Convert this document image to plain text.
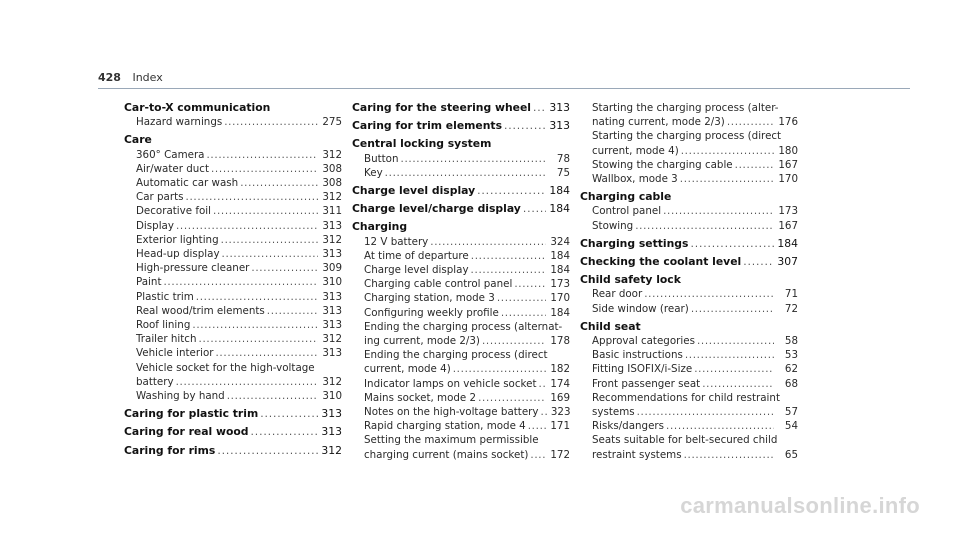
428 Index
Car-to-X communication
Hazard warnings . . .	275
Care
360° Camera . . .	312
Air/water duct . . .	308
Automatic car wash . . .	308
Car parts . . .	312
Decorative foil . . .	311
Display . . .	313
Exterior lighting . . .	312
Head-up display . . .	313
High-pressure cleaner . . .	309
Paint . . .	310
Plastic trim . . .	313
Real wood/trim elements . . .	313
Roof lining . . .	313
Trailer hitch . . .	312
Vehicle interior . . .	313
Vehicle socket for the high-voltage
battery . . .	312
Washing by hand . . .	310
Caring for plastic trim . . .	313
Caring for real wood . . .	313
Caring for rims . . .	312
Caring for the steering wheel . . . 313
Caring for trim elements . . .	313
Central locking system
Button . . .	78
Key . . .	75
Charge level display . . .	184
Charge level/charge display . . .	184
Charging
12 V battery . . .	324
At time of departure . . .	184
Charge level display . . .	184
Charging cable control panel . . .	173
Charging station, mode 3 . . .	170
Configuring weekly profile . . .	184
Ending the charging process (alternat-
ing current, mode 2/3) . . .	178
Ending the charging process (direct
current, mode 4) . . .	182
Indicator lamps on vehicle socket . . . 174
Mains socket, mode 2 . . .	169
Notes on the high-voltage battery . . . 323
Rapid charging station, mode 4 . . . 171
Setting the maximum permissible
charging current (mains socket) . . . 172
Starting the charging process (alter-
nating current, mode 2/3) . . .	176
Starting the charging process (direct
current, mode 4) . . .	180
Stowing the charging cable . . .	167
Wallbox, mode 3 . . .	170
Charging cable
Control panel . . .	173
Stowing . . .	167
Charging settings . . .	184
Checking the coolant level . . .	307
Child safety lock
Rear door . . .	71
Side window (rear) . . .	72
Child seat
Approval categories . . .	58
Basic instructions . . .	53
Fitting ISOFIX/i-Size . . .	62
Front passenger seat . . .	68
Recommendations for child restraint
systems . . .	57
Risks/dangers . . .	54
Seats suitable for belt-secured child
restraint systems . . .	65
carmanualsonline.info
